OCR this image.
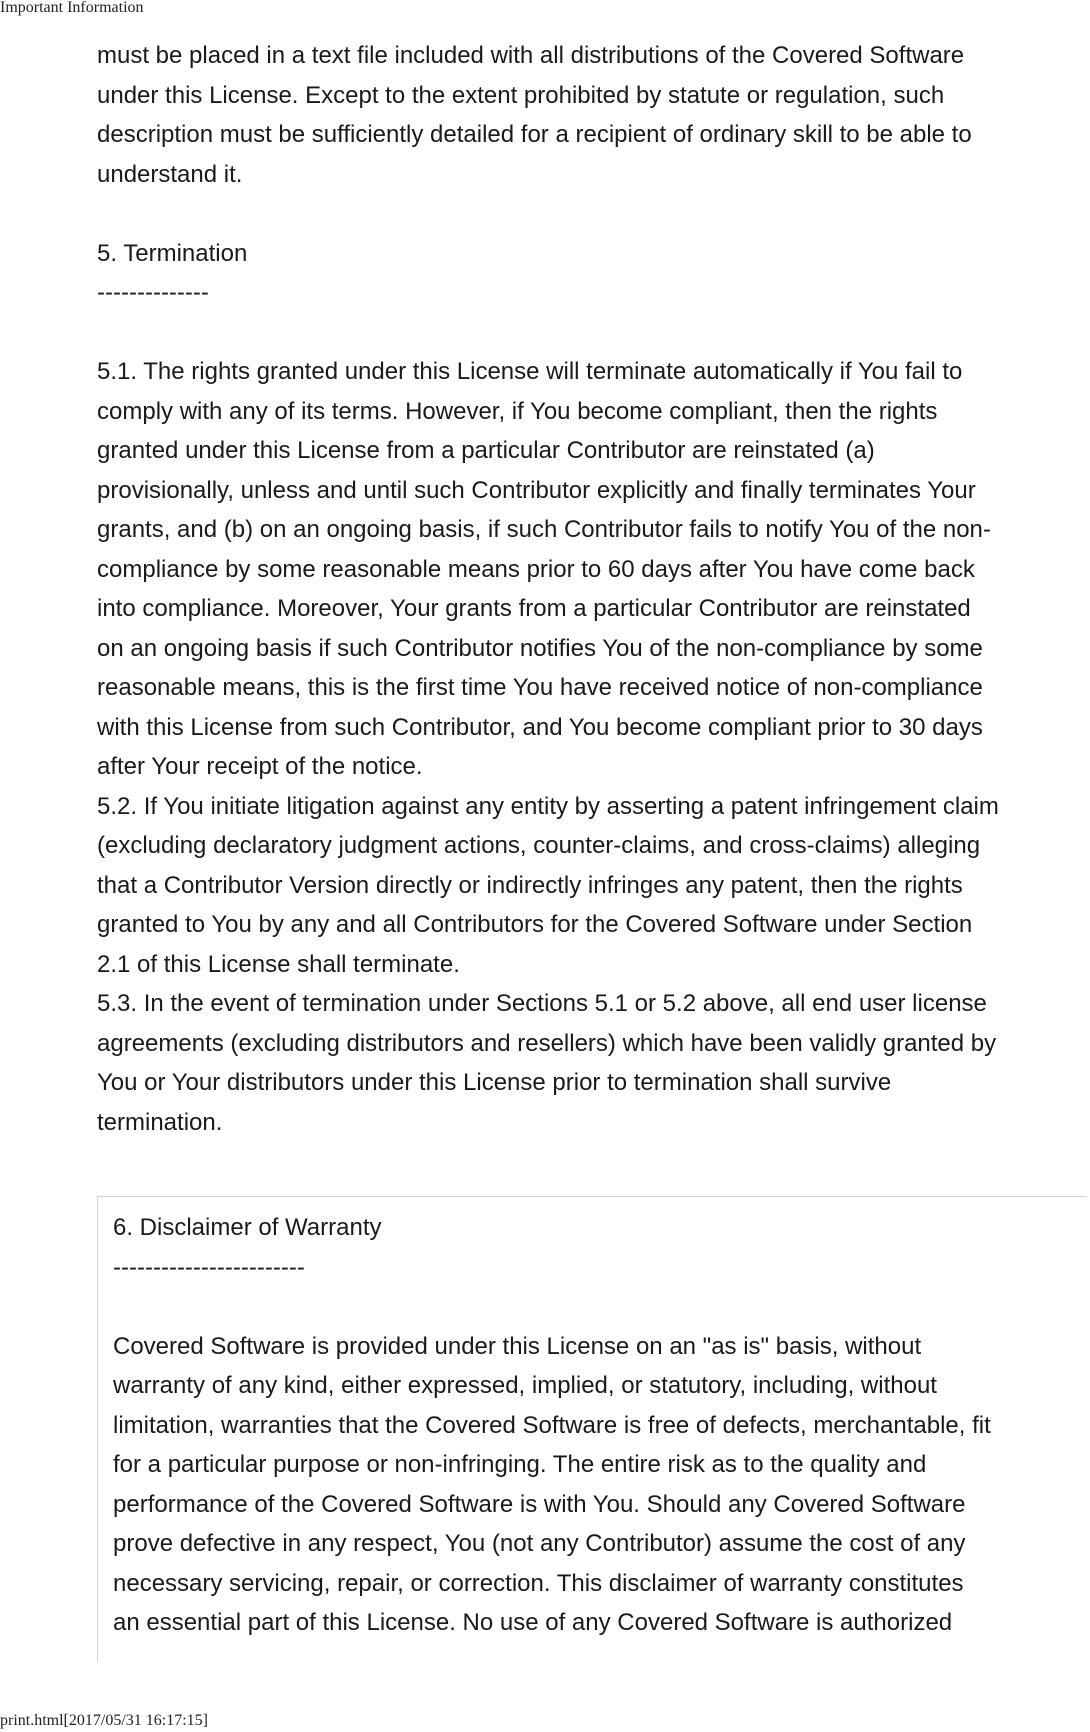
Important Information
must be placed in a text file included with all distributions of the Covered Software
under this License. Except to the extent prohibited by statute or regulation, such
description must be sufficiently detailed for a recipient of ordinary skill to be able to
understand it.
5. Termination
--------------
5.1. The rights granted under this License will terminate automatically if You fail to
comply with any of its terms. However, if You become compliant, then the rights
granted under this License from a particular Contributor are reinstated (a)
provisionally, unless and until such Contributor explicitly and finally terminates Your
grants, and (b) on an ongoing basis, if such Contributor fails to notify You of the non-
compliance by some reasonable means prior to 60 days after You have come back
into compliance. Moreover, Your grants from a particular Contributor are reinstated
on an ongoing basis if such Contributor notifies You of the non-compliance by some
reasonable means, this is the first time You have received notice of non-compliance
with this License from such Contributor, and You become compliant prior to 30 days
after Your receipt of the notice.
5.2. If You initiate litigation against any entity by asserting a patent infringement claim
(excluding declaratory judgment actions, counter-claims, and cross-claims) alleging
that a Contributor Version directly or indirectly infringes any patent, then the rights
granted to You by any and all Contributors for the Covered Software under Section
2.1 of this License shall terminate.
5.3. In the event of termination under Sections 5.1 or 5.2 above, all end user license
agreements (excluding distributors and resellers) which have been validly granted by
You or Your distributors under this License prior to termination shall survive
termination.
6. Disclaimer of Warranty
------------------------
Covered Software is provided under this License on an "as is" basis, without
warranty of any kind, either expressed, implied, or statutory, including, without
limitation, warranties that the Covered Software is free of defects, merchantable, fit
for a particular purpose or non-infringing. The entire risk as to the quality and
performance of the Covered Software is with You. Should any Covered Software
prove defective in any respect, You (not any Contributor) assume the cost of any
necessary servicing, repair, or correction. This disclaimer of warranty constitutes
an essential part of this License. No use of any Covered Software is authorized
print.html[2017/05/31 16:17:15]
